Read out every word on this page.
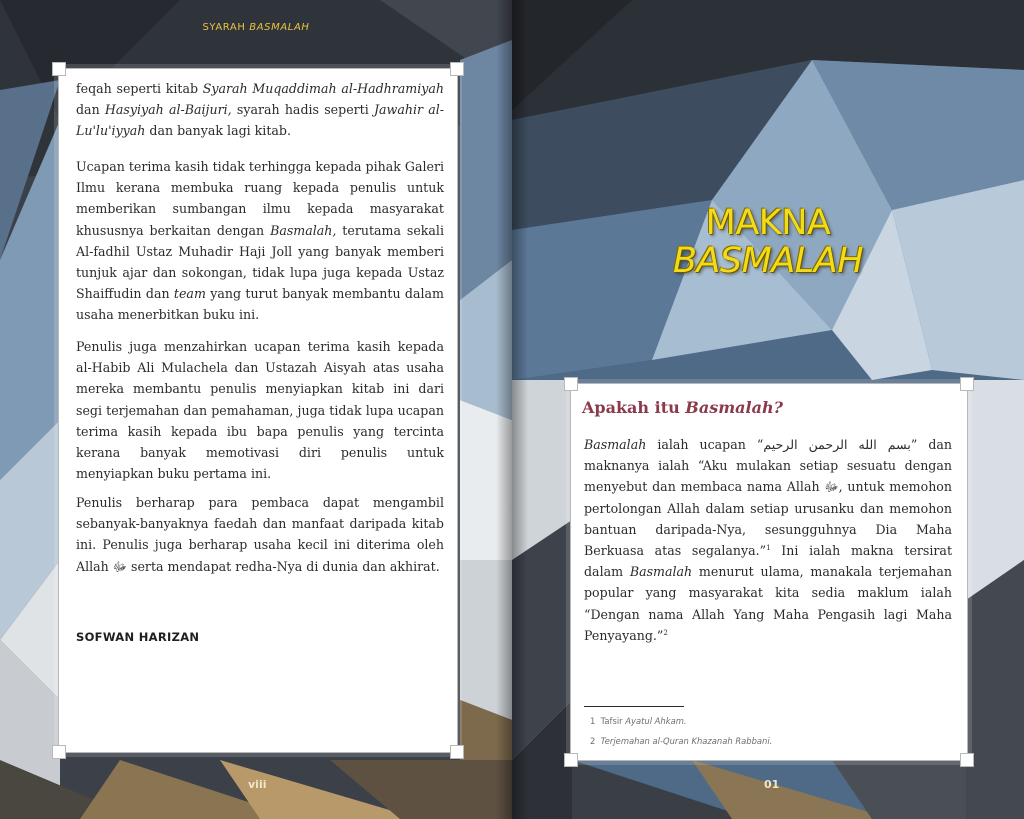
SYARAH BASMALAH

feqah seperti kitab Syarah Muqaddimah al-Hadhramiyah dan Hasyiyah al-Baijuri, syarah hadis seperti Jawahir al-Lu'lu'iyyah dan banyak lagi kitab.

Ucapan terima kasih tidak terhingga kepada pihak Galeri Ilmu kerana membuka ruang kepada penulis untuk memberikan sumbangan ilmu kepada masyarakat khususnya berkaitan dengan Basmalah, terutama sekali Al-fadhil Ustaz Muhadir Haji Joll yang banyak memberi tunjuk ajar dan sokongan, tidak lupa juga kepada Ustaz Shaiffudin dan team yang turut banyak membantu dalam usaha menerbitkan buku ini.

Penulis juga menzahirkan ucapan terima kasih kepada al-Habib Ali Mulachela dan Ustazah Aisyah atas usaha mereka membantu penulis menyiapkan kitab ini dari segi terjemahan dan pemahaman, juga tidak lupa ucapan terima kasih kepada ibu bapa penulis yang tercinta kerana banyak memotivasi diri penulis untuk menyiapkan buku pertama ini.

Penulis berharap para pembaca dapat mengambil sebanyak-banyaknya faedah dan manfaat daripada kitab ini. Penulis juga berharap usaha kecil ini diterima oleh Allah ﷻ serta mendapat redha-Nya di dunia dan akhirat.

SOFWAN HARIZAN
viii
MAKNA
BASMALAH
01
Apakah itu Basmalah?

Basmalah ialah ucapan “بسم الله الرحمن الرحيم” dan maknanya ialah “Aku mulakan setiap sesuatu dengan menyebut dan membaca nama Allah ﷻ, untuk memohon pertolongan Allah dalam setiap urusanku dan memohon bantuan daripada-Nya, sesungguhnya Dia Maha Berkuasa atas segalanya.”$^1$ Ini ialah makna tersirat dalam Basmalah menurut ulama, manakala terjemahan popular yang masyarakat kita sedia maklum ialah “Dengan nama Allah Yang Maha Pengasih lagi Maha Penyayang.”$^2$

1 Tafsir Ayatul Ahkam.
2 Terjemahan al-Quran Khazanah Rabbani.
